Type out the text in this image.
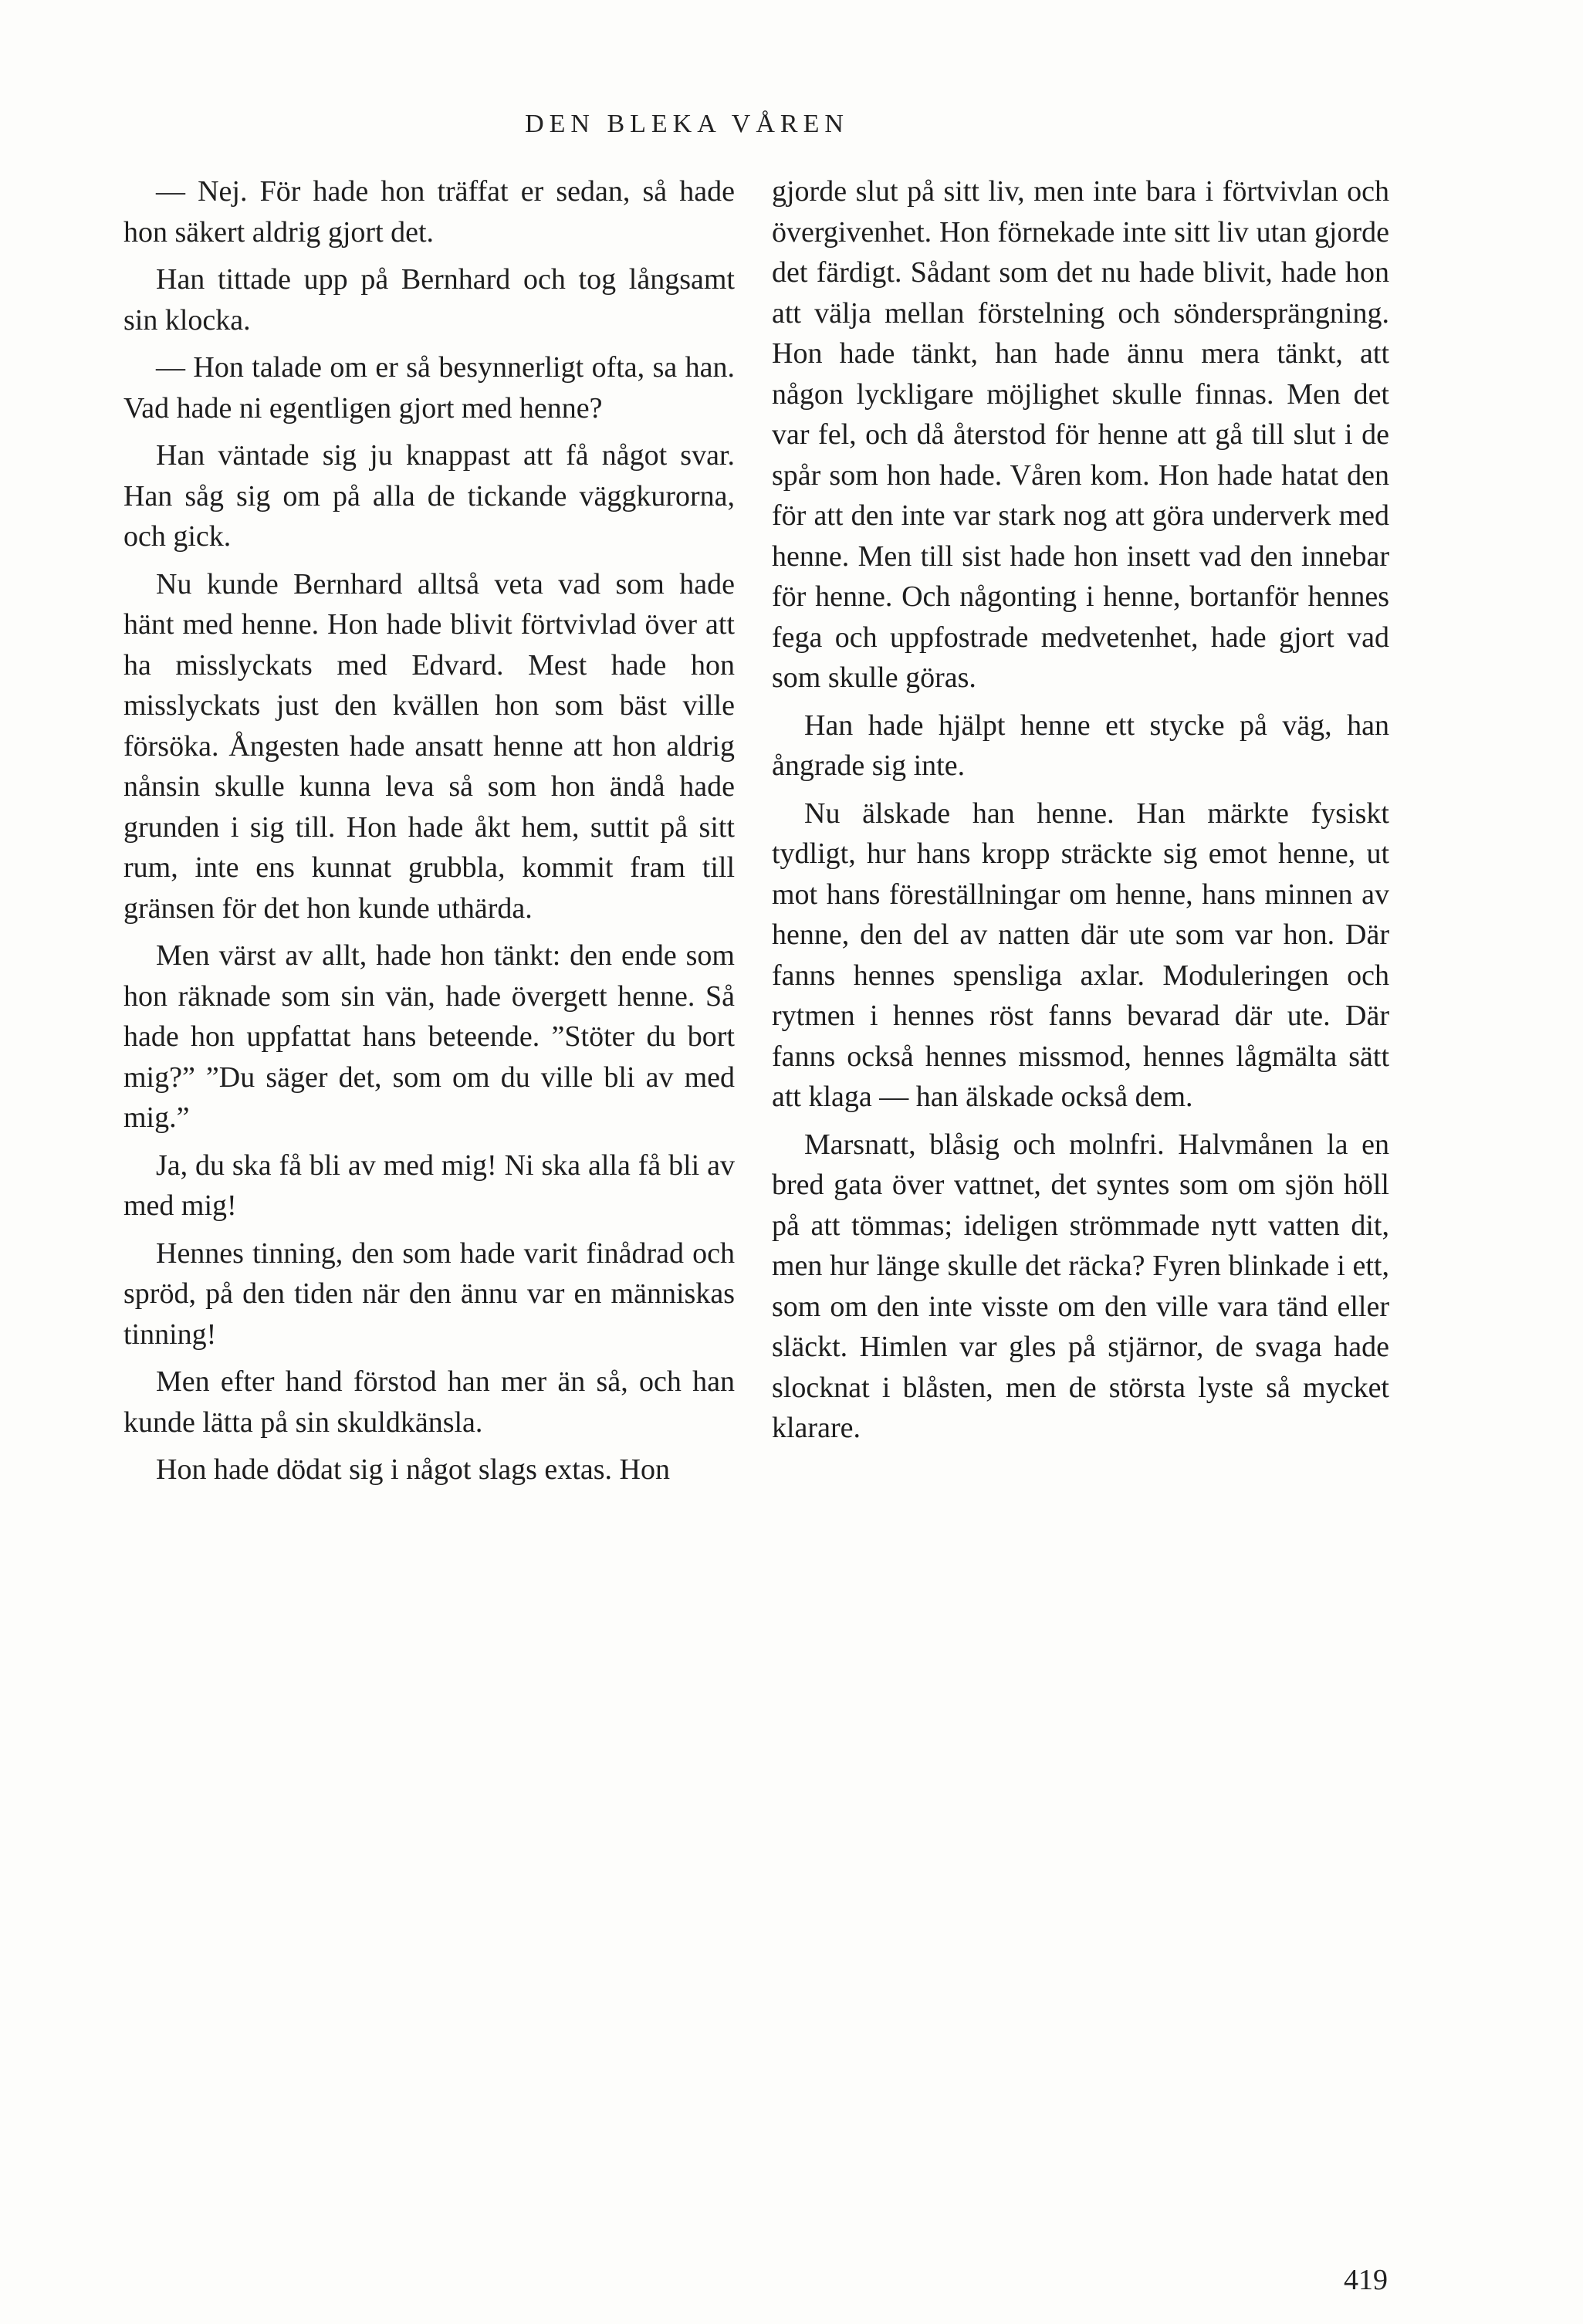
DEN BLEKA VÅREN

— Nej. För hade hon träffat er sedan, så hade hon säkert aldrig gjort det.

Han tittade upp på Bernhard och tog långsamt sin klocka.

— Hon talade om er så besynnerligt ofta, sa han. Vad hade ni egentligen gjort med henne?

Han väntade sig ju knappast att få något svar. Han såg sig om på alla de tickande väggkurorna, och gick.

Nu kunde Bernhard alltså veta vad som hade hänt med henne. Hon hade blivit förtvivlad över att ha misslyckats med Edvard. Mest hade hon misslyckats just den kvällen hon som bäst ville försöka. Ångesten hade ansatt henne att hon aldrig nånsin skulle kunna leva så som hon ändå hade grunden i sig till. Hon hade åkt hem, suttit på sitt rum, inte ens kunnat grubbla, kommit fram till gränsen för det hon kunde uthärda.

Men värst av allt, hade hon tänkt: den ende som hon räknade som sin vän, hade övergett henne. Så hade hon uppfattat hans beteende. ”Stöter du bort mig?” ”Du säger det, som om du ville bli av med mig.”

Ja, du ska få bli av med mig! Ni ska alla få bli av med mig!

Hennes tinning, den som hade varit finådrad och spröd, på den tiden när den ännu var en människas tinning!

Men efter hand förstod han mer än så, och han kunde lätta på sin skuldkänsla.

Hon hade dödat sig i något slags extas. Hon

gjorde slut på sitt liv, men inte bara i förtvivlan och övergivenhet. Hon förnekade inte sitt liv utan gjorde det färdigt. Sådant som det nu hade blivit, hade hon att välja mellan förstelning och söndersprängning. Hon hade tänkt, han hade ännu mera tänkt, att någon lyckligare möjlighet skulle finnas. Men det var fel, och då återstod för henne att gå till slut i de spår som hon hade. Våren kom. Hon hade hatat den för att den inte var stark nog att göra underverk med henne. Men till sist hade hon insett vad den innebar för henne. Och någonting i henne, bortanför hennes fega och uppfostrade medvetenhet, hade gjort vad som skulle göras.

Han hade hjälpt henne ett stycke på väg, han ångrade sig inte.

Nu älskade han henne. Han märkte fysiskt tydligt, hur hans kropp sträckte sig emot henne, ut mot hans föreställningar om henne, hans minnen av henne, den del av natten där ute som var hon. Där fanns hennes spensliga axlar. Moduleringen och rytmen i hennes röst fanns bevarad där ute. Där fanns också hennes missmod, hennes lågmälta sätt att klaga — han älskade också dem.

Marsnatt, blåsig och molnfri. Halvmånen la en bred gata över vattnet, det syntes som om sjön höll på att tömmas; ideligen strömmade nytt vatten dit, men hur länge skulle det räcka? Fyren blinkade i ett, som om den inte visste om den ville vara tänd eller släckt. Himlen var gles på stjärnor, de svaga hade slocknat i blåsten, men de största lyste så mycket klarare.

419
